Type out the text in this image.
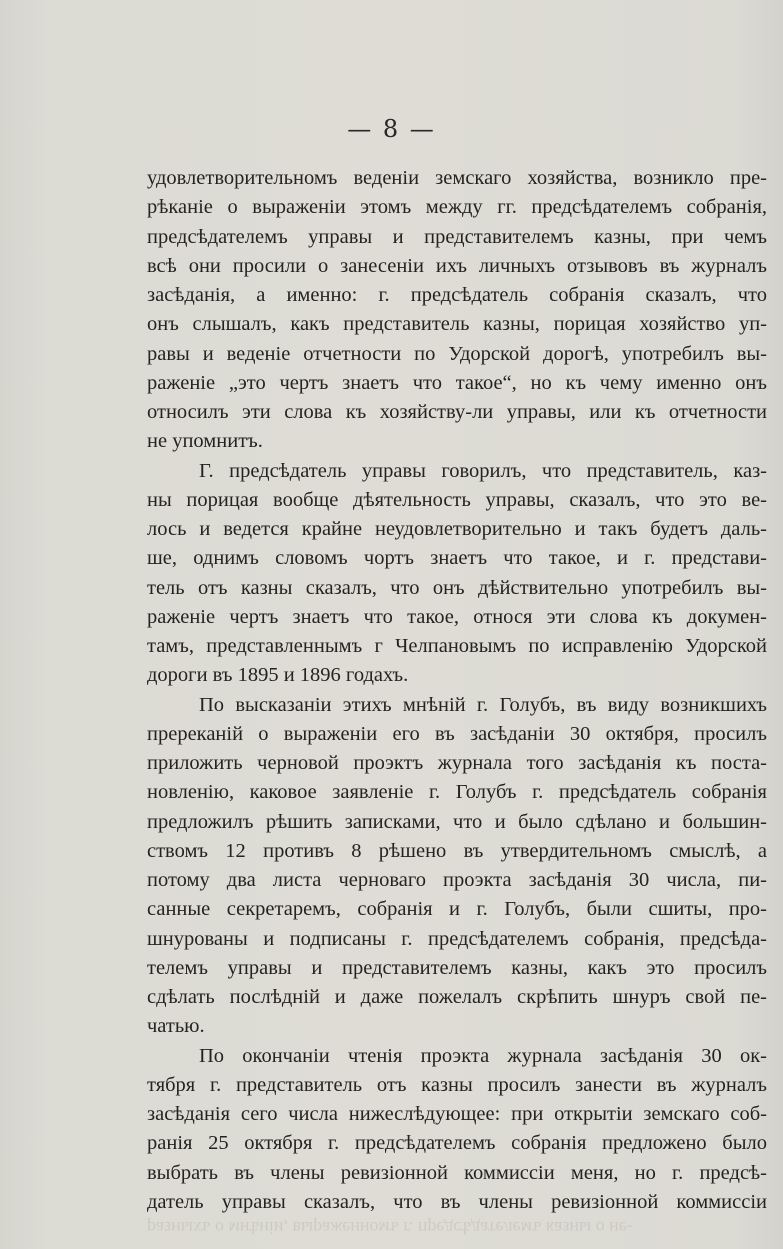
— 8 —
удовлетворительномъ веденіи земскаго хозяйства, возникло пре-
рѣканіе о выраженіи этомъ между гг. предсѣдателемъ собранія,
предсѣдателемъ управы и представителемъ казны, при чемъ
всѣ они просили о занесеніи ихъ личныхъ отзывовъ въ журналъ
засѣданія, а именно: г. предсѣдатель собранія сказалъ, что
онъ слышалъ, какъ представитель казны, порицая хозяйство уп-
равы и веденіе отчетности по Удорской дорогѣ, употребилъ вы-
раженіе „это чертъ знаетъ что такое“, но къ чему именно онъ
относилъ эти слова къ хозяйству-ли управы, или къ отчетности
не упомнитъ.
Г. предсѣдатель управы говорилъ, что представитель, каз-
ны порицая вообще дѣятельность управы, сказалъ, что это ве-
лось и ведется крайне неудовлетворительно и такъ будетъ даль-
ше, однимъ словомъ чортъ знаетъ что такое, и г. представи-
тель отъ казны сказалъ, что онъ дѣйствительно употребилъ вы-
раженіе чертъ знаетъ что такое, относя эти слова къ докумен-
тамъ, представленнымъ г Челпановымъ по исправленію Удорской
дороги въ 1895 и 1896 годахъ.
По высказаніи этихъ мнѣній г. Голубъ, въ виду возникшихъ
пререканій о выраженіи его въ засѣданіи 30 октября, просилъ
приложить черновой проэктъ журнала того засѣданія къ поста-
новленію, каковое заявленіе г. Голубъ г. предсѣдатель собранія
предложилъ рѣшить записками, что и было сдѣлано и большин-
ствомъ 12 противъ 8 рѣшено въ утвердительномъ смыслѣ, а
потому два листа черноваго проэкта засѣданія 30 числа, пи-
санные секретаремъ, собранія и г. Голубъ, были сшиты, про-
шнурованы и подписаны г. предсѣдателемъ собранія, предсѣда-
телемъ управы и представителемъ казны, какъ это просилъ
сдѣлать послѣдній и даже пожелалъ скрѣпить шнуръ свой пе-
чатью.
По окончаніи чтенія проэкта журнала засѣданія 30 ок-
тября г. представитель отъ казны просилъ занести въ журналъ
засѣданія сего числа нижеслѣдующее: при открытіи земскаго соб-
ранія 25 октября г. предсѣдателемъ собранія предложено было
выбрать въ члены ревизіонной коммиссіи меня, но г. предсѣ-
датель управы сказалъ, что въ члены ревизіонной коммиссіи
разныхъ о мнѣніи, выраженномъ г. предсѣдателемъ казны о не-
